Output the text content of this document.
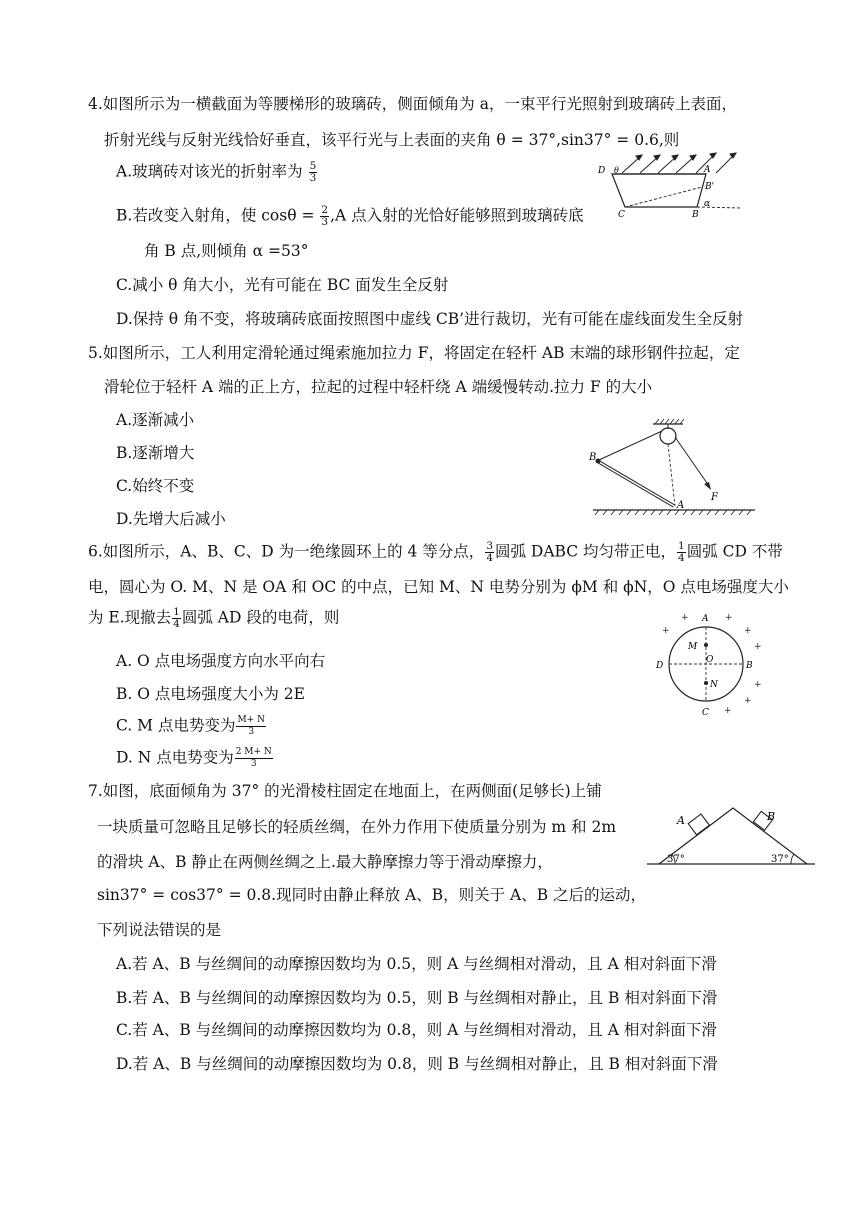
4.如图所示为一横截面为等腰梯形的玻璃砖，侧面倾角为 a，一束平行光照射到玻璃砖上表面，
折射光线与反射光线恰好垂直，该平行光与上表面的夹角 θ = 37°,sin37° = 0.6,则
A.玻璃砖对该光的折射率为 $\frac{5}{3}$
B.若改变入射角，使 $\cos\theta = \frac{2}{3} ,A$ 点入射的光恰好能够照到玻璃砖底
角 B 点,则倾角 α =53°
C.减小 θ 角大小，光有可能在 BC 面发生全反射
D.保持 θ 角不变，将玻璃砖底面按照图中虚线 CB’进行裁切，光有可能在虚线面发生全反射
D θ	A
B'
C	B
α
5.如图所示，工人利用定滑轮通过绳索施加拉力 F，将固定在轻杆 AB 末端的球形钢件拉起，定
滑轮位于轻杆 A 端的正上方，拉起的过程中轻杆绕 A 端缓慢转动.拉力 F 的大小
A.逐渐减小
B.逐渐增大
C.始终不变
D.先增大后减小
B
A
F
6.如图所示，A、B、C、D 为一绝缘圆环上的 4 等分点， $\frac{3}{4}$ 圆弧 DABC 均匀带正电， $\frac{1}{4}$ 圆弧 CD 不带
电，圆心为 O. M、N 是 OA 和 OC 的中点，已知 M、N 电势分别为 ϕM 和 ϕN，O 点电场强度大小
为 E.现撤去 $\frac{1}{4}$ 圆弧 AD 段的电荷，则
A. O 点电场强度方向水平向右
B. O 点电场强度大小为 2E
C. M 点电势变为 $\frac{M+ N}{3}$
D. N 点电势变为 $\frac{2 M+ N}{3}$
A
B
C
D
M
O
N
+	+
+	+
+
+
+
+
7.如图，底面倾角为 37° 的光滑棱柱固定在地面上，在两侧面(足够长)上铺
一块质量可忽略且足够长的轻质丝绸，在外力作用下使质量分别为 m 和 2m
的滑块 A、B 静止在两侧丝绸之上.最大静摩擦力等于滑动摩擦力，
sin37° = cos37° = 0.8.现同时由静止释放 A、B，则关于 A、B 之后的运动，
下列说法错误的是
A.若 A、B 与丝绸间的动摩擦因数均为 0.5，则 A 与丝绸相对滑动，且 A 相对斜面下滑
B.若 A、B 与丝绸间的动摩擦因数均为 0.5，则 B 与丝绸相对静止，且 B 相对斜面下滑
C.若 A、B 与丝绸间的动摩擦因数均为 0.8，则 A 与丝绸相对滑动，且 A 相对斜面下滑
D.若 A、B 与丝绸间的动摩擦因数均为 0.8，则 B 与丝绸相对静止，且 B 相对斜面下滑
A	B
37°	37°
